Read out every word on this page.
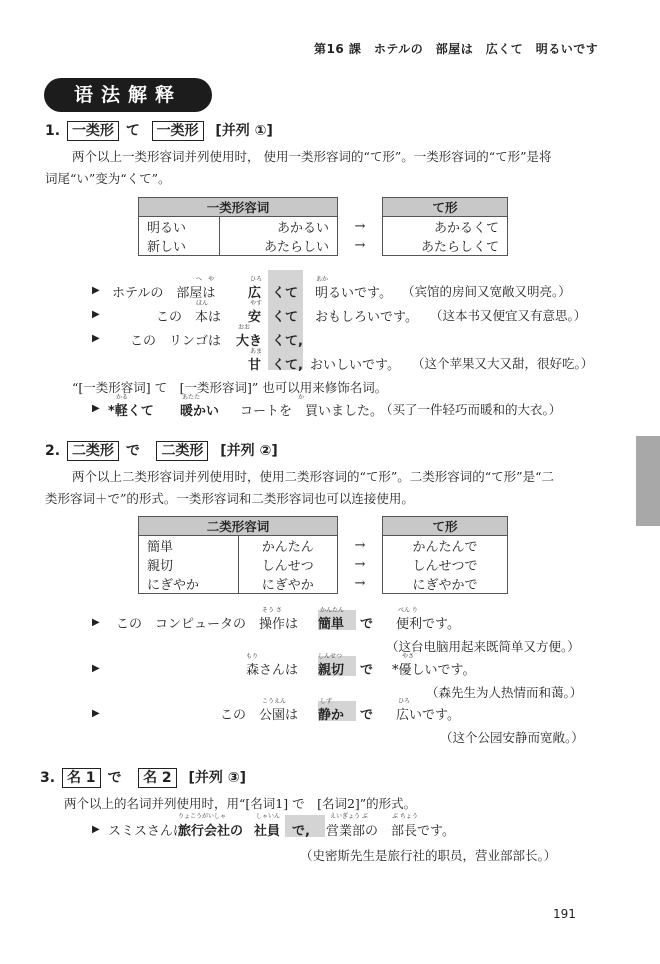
第16 課　ホテルの　部屋は　広くて　明るいです
语法解释
1. 一类形 て 一类形 [并列 ①]
两个以上一类形容词并列使用时， 使用一类形容词的“て形”。一类形容词的“て形”是将
词尾“い”变为“くて”。
一类形容词			て形
明るい	あかるい	→	あかるくて
新しい	あたらしい	→	あたらしくて
▶ ホテルの　部屋は
へ　や
広
ひろ
くて 明るいです。
あか
（宾馆的房间又宽敞又明亮。）
▶	この　本は
ほん
安
やす
くて おもしろいです。 （这本书又便宜又有意思。）
▶ この　リンゴは
おお
大き くて,
あま
甘 くて, おいしいです。 （这个苹果又大又甜，很好吃。）
“[一类形容词] て　[一类形容词]” 也可以用来修饰名词。
▶
かる
*軽くて
あたた
暖かい
か
コートを　買いました。
（买了一件轻巧而暖和的大衣。）
2. 二类形 で 二类形 [并列 ②]
两个以上二类形容词并列使用时，使用二类形容词的“て形”。二类形容词的“て形”是“二
类形容词＋で”的形式。一类形容词和二类形容词也可以连接使用。
二类形容词			て形
簡単	かんたん	→	かんたんで
親切	しんせつ	→	しんせつで
にぎやか	にぎやか	→	にぎやかで
▶ この　コンピュータの　操作は
そう さ	かんたん
簡単 で
べん り
便利です。
（这台电脑用起来既简单又方便。）
▶
もり
森さんは
しんせつ
親切 で
やさ
*優しいです。
（森先生为人热情而和蔼。）
▶	この　公園は
こうえん	しず
静か で
ひろ
広いです。
（这个公园安静而宽敞。）
3. 名 1 で 名 2 [并列 ③]
两个以上的名词并列使用时，用“[名词1] で　[名词2]”的形式。
▶ スミスさんは
りょこうがいしゃ
旅行会社の
しゃいん
社員 で,
えいぎょう ぶ	ぶ ちょう
営業部の　部長です。
（史密斯先生是旅行社的职员，营业部部长。）
191
